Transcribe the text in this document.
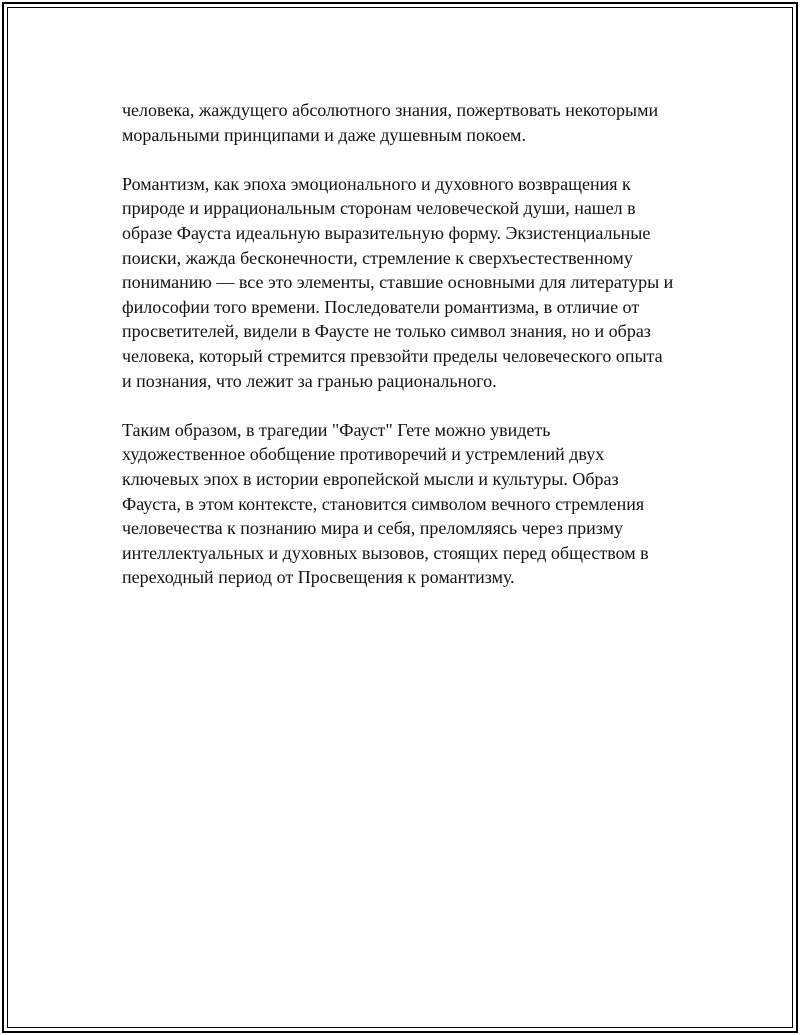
человека, жаждущего абсолютного знания, пожертвовать некоторыми
моральными принципами и даже душевным покоем.

Романтизм, как эпоха эмоционального и духовного возвращения к
природе и иррациональным сторонам человеческой души, нашел в
образе Фауста идеальную выразительную форму. Экзистенциальные
поиски, жажда бесконечности, стремление к сверхъестественному
пониманию — все это элементы, ставшие основными для литературы и
философии того времени. Последователи романтизма, в отличие от
просветителей, видели в Фаусте не только символ знания, но и образ
человека, который стремится превзойти пределы человеческого опыта
и познания, что лежит за гранью рационального.

Таким образом, в трагедии "Фауст" Гете можно увидеть
художественное обобщение противоречий и устремлений двух
ключевых эпох в истории европейской мысли и культуры. Образ
Фауста, в этом контексте, становится символом вечного стремления
человечества к познанию мира и себя, преломляясь через призму
интеллектуальных и духовных вызовов, стоящих перед обществом в
переходный период от Просвещения к романтизму.
